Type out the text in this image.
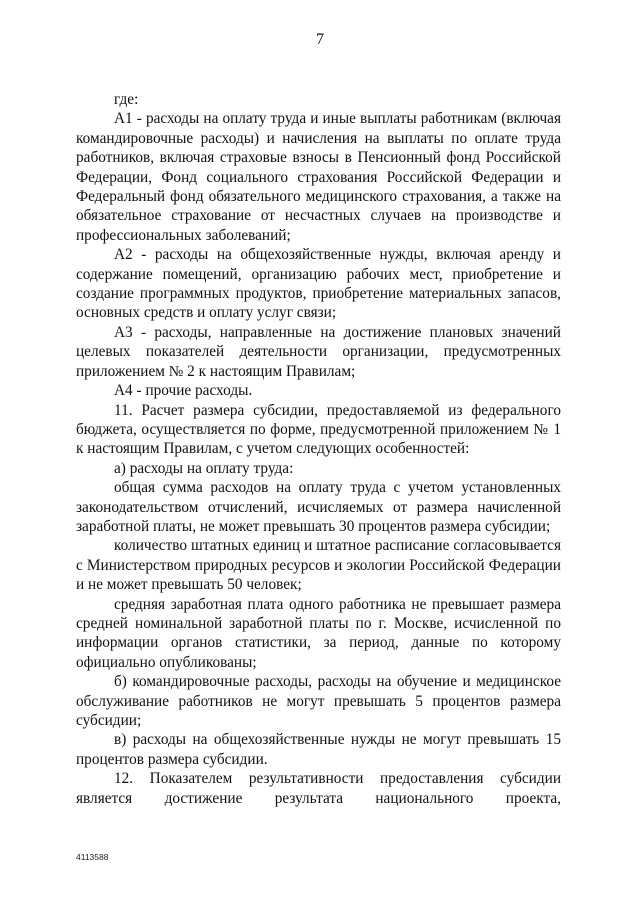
7

где:

А1 - расходы на оплату труда и иные выплаты работникам (включая командировочные расходы) и начисления на выплаты по оплате труда работников, включая страховые взносы в Пенсионный фонд Российской Федерации, Фонд социального страхования Российской Федерации и Федеральный фонд обязательного медицинского страхования, а также на обязательное страхование от несчастных случаев на производстве и профессиональных заболеваний;

А2 - расходы на общехозяйственные нужды, включая аренду и содержание помещений, организацию рабочих мест, приобретение и создание программных продуктов, приобретение материальных запасов, основных средств и оплату услуг связи;

А3 - расходы, направленные на достижение плановых значений целевых показателей деятельности организации, предусмотренных приложением № 2 к настоящим Правилам;

А4 - прочие расходы.

11. Расчет размера субсидии, предоставляемой из федерального бюджета, осуществляется по форме, предусмотренной приложением № 1 к настоящим Правилам, с учетом следующих особенностей:

а) расходы на оплату труда:

общая сумма расходов на оплату труда с учетом установленных законодательством отчислений, исчисляемых от размера начисленной заработной платы, не может превышать 30 процентов размера субсидии;

количество штатных единиц и штатное расписание согласовывается с Министерством природных ресурсов и экологии Российской Федерации и не может превышать 50 человек;

средняя заработная плата одного работника не превышает размера средней номинальной заработной платы по г. Москве, исчисленной по информации органов статистики, за период, данные по которому официально опубликованы;

б) командировочные расходы, расходы на обучение и медицинское обслуживание работников не могут превышать 5 процентов размера субсидии;

в) расходы на общехозяйственные нужды не могут превышать 15 процентов размера субсидии.

12. Показателем результативности предоставления субсидии является достижение результата национального проекта,

4113588
